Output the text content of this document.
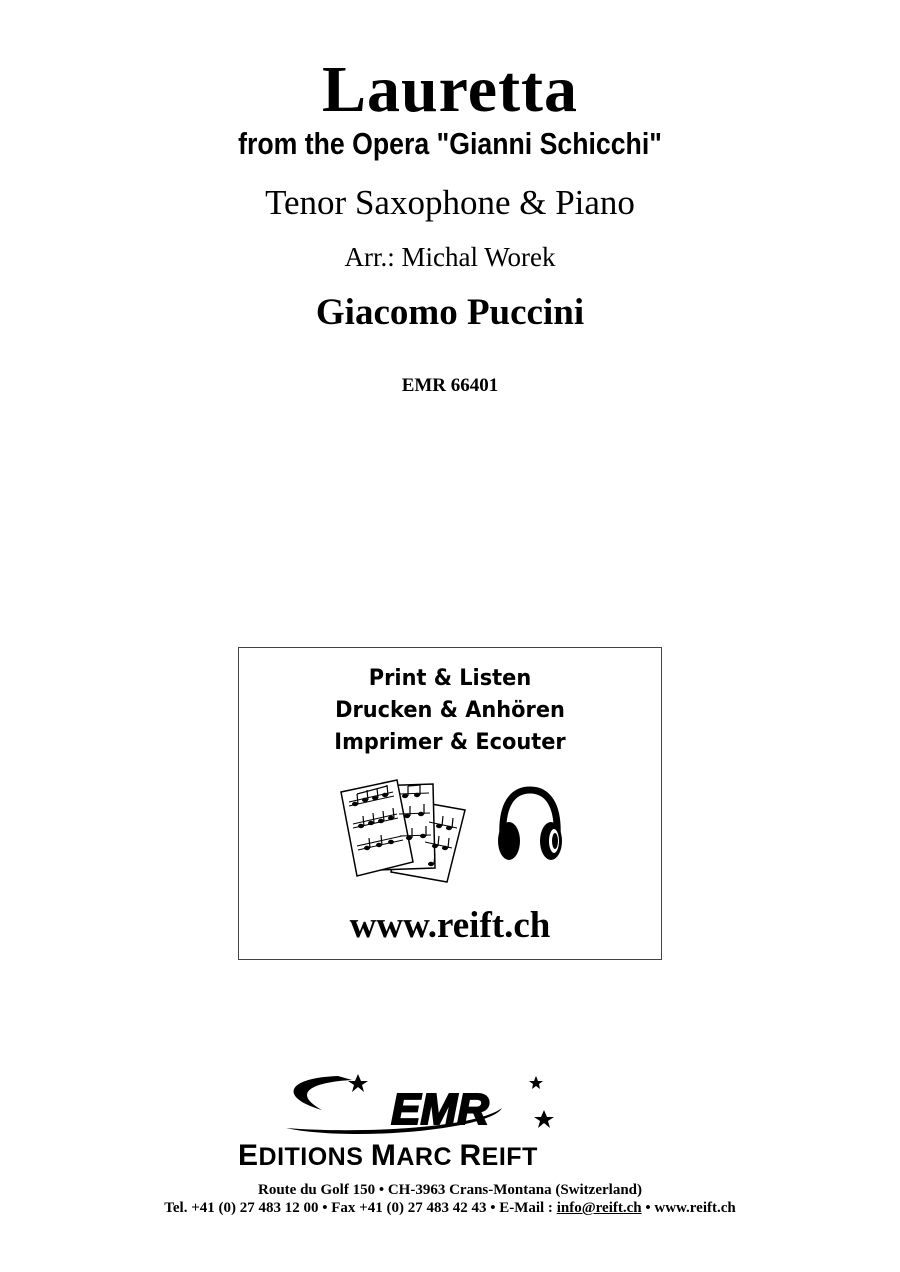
Lauretta
from the Opera "Gianni Schicchi"
Tenor Saxophone & Piano
Arr.: Michal Worek
Giacomo Puccini
EMR 66401
Print & Listen
Drucken & Anhören
Imprimer & Ecouter
www.reift.ch
EMR
EDITIONS MARC REIFT
Route du Golf 150 • CH-3963 Crans-Montana (Switzerland)
Tel. +41 (0) 27 483 12 00 • Fax +41 (0) 27 483 42 43 • E-Mail : info@reift.ch • www.reift.ch
